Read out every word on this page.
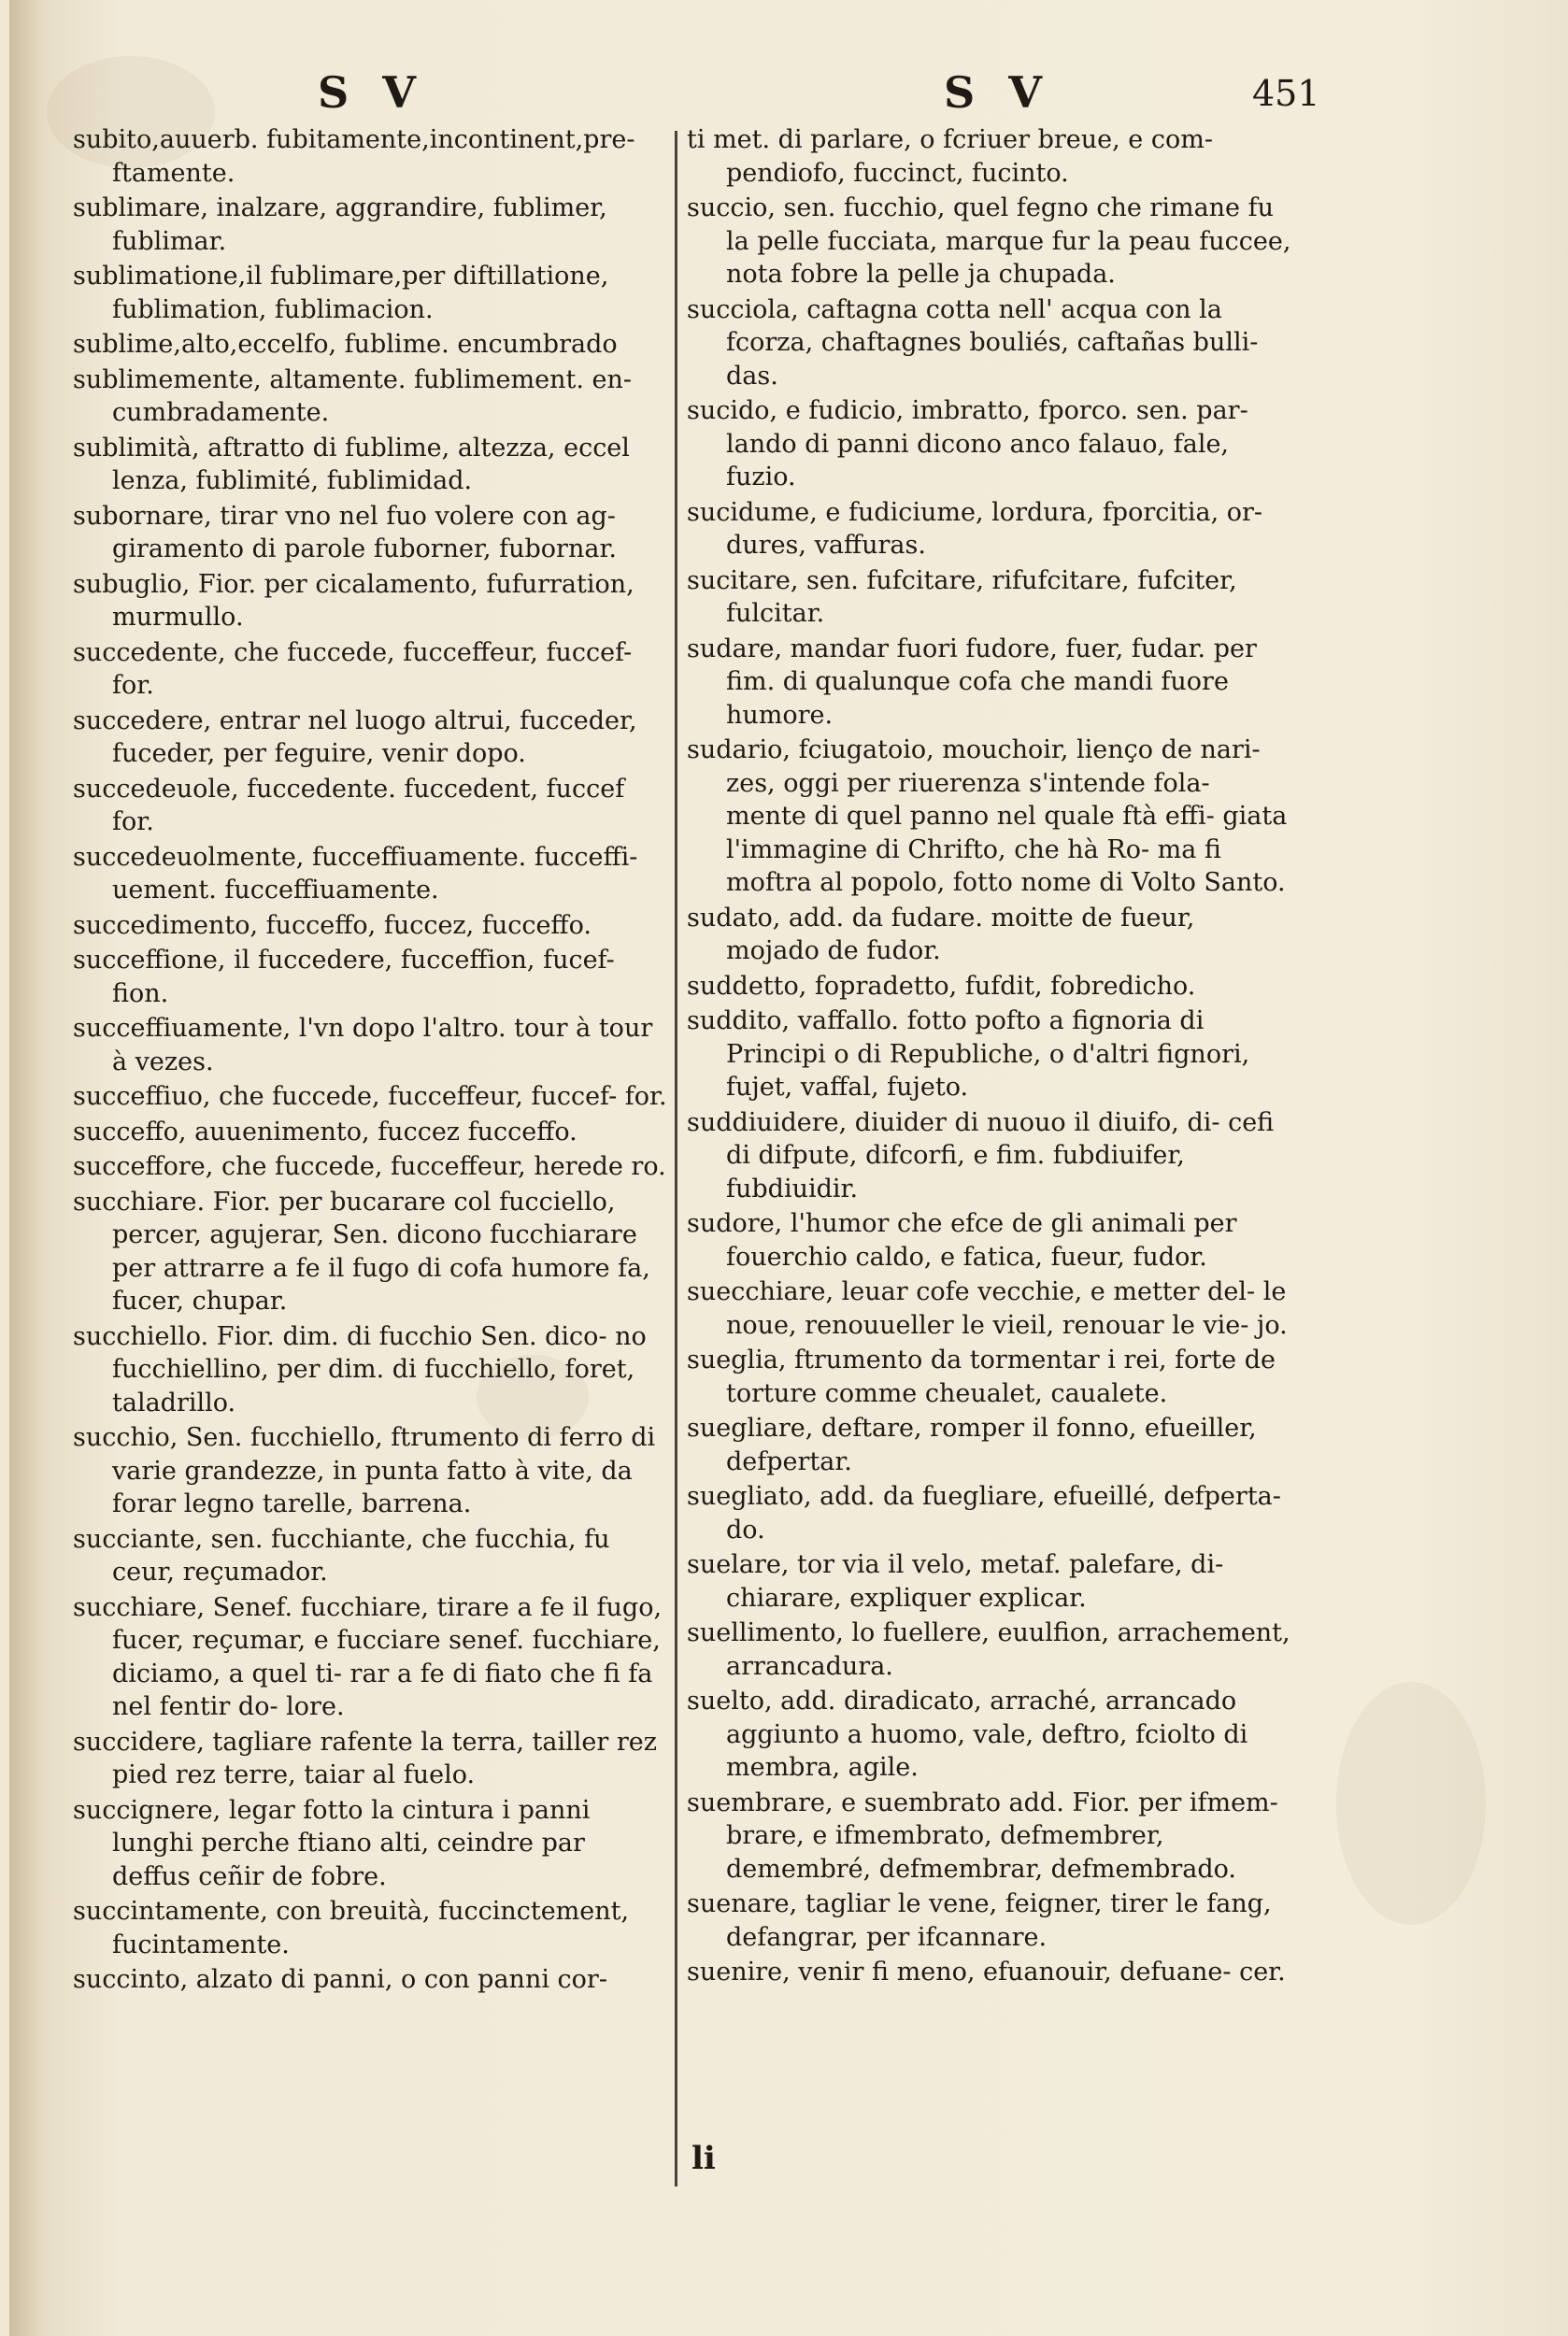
S V	S V	451

subito,auuerb. fubitamente,incontinent,pre- ftamente.

sublimare, inalzare, aggrandire, fublimer, fublimar.

sublimatione,il fublimare,per diftillatione, fublimation, fublimacion.

sublime,alto,eccelfo, fublime. encumbrado

sublimemente, altamente. fublimement. en- cumbradamente.

sublimità, aftratto di fublime, altezza, eccel lenza, fublimité, fublimidad.

subornare, tirar vno nel fuo volere con ag- giramento di parole fuborner, fubornar.

subuglio, Fior. per cicalamento, fufurration, murmullo.

succedente, che fuccede, fucceffeur, fuccef- for.

succedere, entrar nel luogo altrui, fucceder, fuceder, per feguire, venir dopo.

succedeuole, fuccedente. fuccedent, fuccef for.

succedeuolmente, fucceffiuamente. fucceffi- uement. fucceffiuamente.

succedimento, fucceffo, fuccez, fucceffo.

succeffione, il fuccedere, fucceffion, fucef- fion.

succeffiuamente, l'vn dopo l'altro. tour à tour à vezes.

succeffiuo, che fuccede, fucceffeur, fuccef- for.

succeffo, auuenimento, fuccez fucceffo.

succeffore, che fuccede, fucceffeur, herede ro.

succhiare. Fior. per bucarare col fucciello, percer, agujerar, Sen. dicono fucchiarare per attrarre a fe il fugo di cofa humore fa, fucer, chupar.

succhiello. Fior. dim. di fucchio Sen. dico- no fucchiellino, per dim. di fucchiello, foret, taladrillo.

succhio, Sen. fucchiello, ftrumento di ferro di varie grandezze, in punta fatto à vite, da forar legno tarelle, barrena.

succiante, sen. fucchiante, che fucchia, fu ceur, reçumador.

succhiare, Senef. fucchiare, tirare a fe il fugo, fucer, reçumar, e fucciare senef. fucchiare, diciamo, a quel ti- rar a fe di fiato che fi fa nel fentir do- lore.

succidere, tagliare rafente la terra, tailler rez pied rez terre, taiar al fuelo.

succignere, legar fotto la cintura i panni lunghi perche ftiano alti, ceindre par deffus ceñir de fobre.

succintamente, con breuità, fuccinctement, fucintamente.

succinto, alzato di panni, o con panni cor-

ti met. di parlare, o fcriuer breue, e com- pendiofo, fuccinct, fucinto.

succio, sen. fucchio, quel fegno che rimane fu la pelle fucciata, marque fur la peau fuccee, nota fobre la pelle ja chupada.

succiola, caftagna cotta nell' acqua con la fcorza, chaftagnes bouliés, caftañas bulli- das.

sucido, e fudicio, imbratto, fporco. sen. par- lando di panni dicono anco falauo, fale, fuzio.

sucidume, e fudiciume, lordura, fporcitia, or- dures, vaffuras.

sucitare, sen. fufcitare, rifufcitare, fufciter, fulcitar.

sudare, mandar fuori fudore, fuer, fudar. per fim. di qualunque cofa che mandi fuore humore.

sudario, fciugatoio, mouchoir, lienço de nari- zes, oggi per riuerenza s'intende fola- mente di quel panno nel quale ftà effi- giata l'immagine di Chrifto, che hà Ro- ma fi moftra al popolo, fotto nome di Volto Santo.

sudato, add. da fudare. moitte de fueur, mojado de fudor.

suddetto, fopradetto, fufdit, fobredicho.

suddito, vaffallo. fotto pofto a fignoria di Principi o di Republiche, o d'altri fignori, fujet, vaffal, fujeto.

suddiuidere, diuider di nuouo il diuifo, di- cefi di difpute, difcorfi, e fim. fubdiuifer, fubdiuidir.

sudore, l'humor che efce de gli animali per fouerchio caldo, e fatica, fueur, fudor.

suecchiare, leuar cofe vecchie, e metter del- le noue, renouueller le vieil, renouar le vie- jo.

suegliа, ftrumento da tormentar i rei, forte de torture comme cheualet, caualete.

suegliare, deftare, romper il fonno, efueiller, defpertar.

suegliato, add. da fuegliare, efueillé, defperta- do.

suelare, tor via il velo, metaf. palefare, di- chiarare, expliquer explicar.

suellimento, lo fuellere, euulfion, arrachement, arrancadura.

suelto, add. diradicato, arraché, arrancado aggiunto a huomo, vale, deftro, fciolto di membra, agile.

suembrare, e suembrato add. Fior. per ifmem- brare, e ifmembrato, defmembrer, demembré, defmembrar, defmembrado.

suenare, tagliar le vene, feigner, tirer le fang, defangrar, per ifcannare.

suenire, venir fi meno, efuanouir, defuane- cer.

li
